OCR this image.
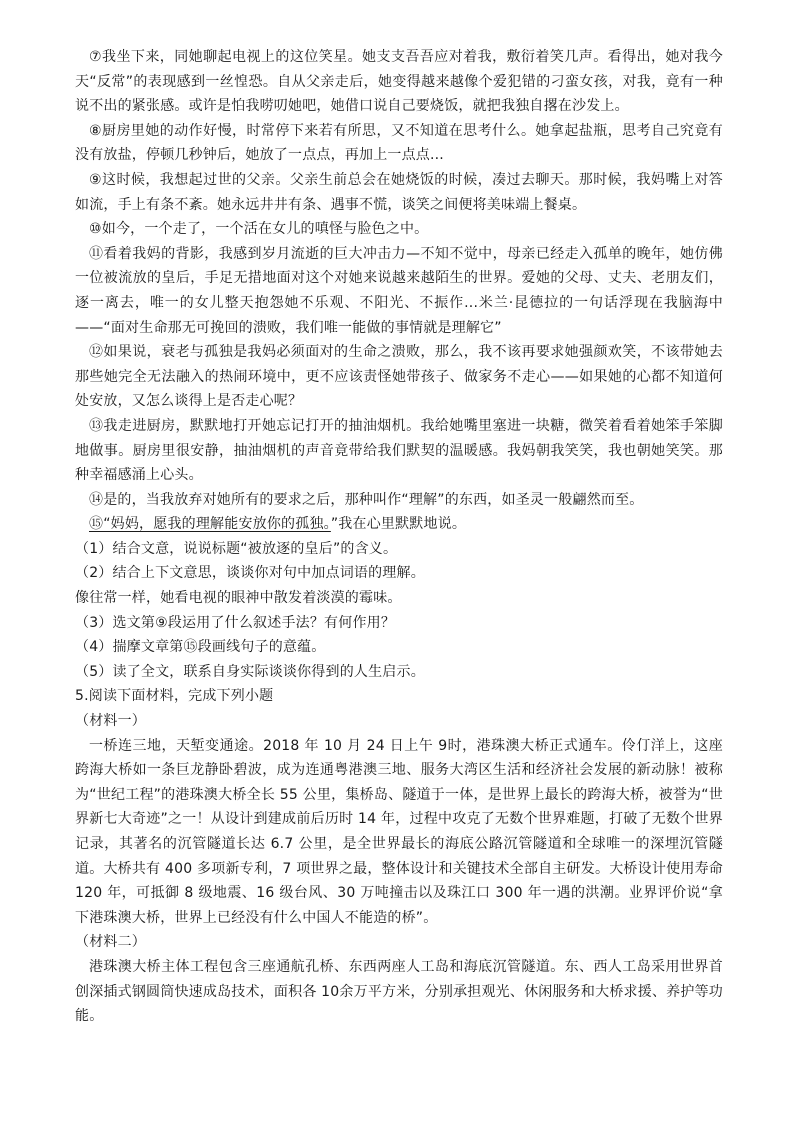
⑦我坐下来，同她聊起电视上的这位笑星。她支支吾吾应对着我，敷衍着笑几声。看得出，她对我今天“反常”的表现感到一丝惶恐。自从父亲走后，她变得越来越像个爱犯错的刁蛮女孩，对我，竟有一种说不出的紧张感。或许是怕我唠叨她吧，她借口说自己要烧饭，就把我独自撂在沙发上。

⑧厨房里她的动作好慢，时常停下来若有所思，又不知道在思考什么。她拿起盐瓶，思考自己究竟有没有放盐，停顿几秒钟后，她放了一点点，再加上一点点...

⑨这时候，我想起过世的父亲。父亲生前总会在她烧饭的时候，凑过去聊天。那时候，我妈嘴上对答如流，手上有条不紊。她永远井井有条、遇事不慌，谈笑之间便将美味端上餐桌。

⑩如今，一个走了，一个活在女儿的嗔怪与脸色之中。

⑪看着我妈的背影，我感到岁月流逝的巨大冲击力—不知不觉中，母亲已经走入孤单的晚年，她仿佛一位被流放的皇后，手足无措地面对这个对她来说越来越陌生的世界。爱她的父母、丈夫、老朋友们，逐一离去，唯一的女儿整天抱怨她不乐观、不阳光、不振作...米兰·昆德拉的一句话浮现在我脑海中——“面对生命那无可挽回的溃败，我们唯一能做的事情就是理解它”

⑫如果说，衰老与孤独是我妈必须面对的生命之溃败，那么，我不该再要求她强颜欢笑，不该带她去那些她完全无法融入的热闹环境中，更不应该责怪她带孩子、做家务不走心——如果她的心都不知道何处安放，又怎么谈得上是否走心呢？

⑬我走进厨房，默默地打开她忘记打开的抽油烟机。我给她嘴里塞进一块糖，微笑着看着她笨手笨脚地做事。厨房里很安静，抽油烟机的声音竟带给我们默契的温暖感。我妈朝我笑笑，我也朝她笑笑。那种幸福感涌上心头。

⑭是的，当我放弃对她所有的要求之后，那种叫作“理解”的东西，如圣灵一般翩然而至。

⑮“妈妈，愿我的理解能安放你的孤独。”我在心里默默地说。

（1）结合文意，说说标题“被放逐的皇后”的含义。

（2）结合上下文意思，谈谈你对句中加点词语的理解。

像往常一样，她看电视的眼神中散发着淡漠的霉味。

（3）选文第⑨段运用了什么叙述手法？有何作用？

（4）揣摩文章第⑮段画线句子的意蕴。

（5）读了全文，联系自身实际谈谈你得到的人生启示。

5.阅读下面材料，完成下列小题

（材料一）

一桥连三地，天堑变通途。2018 年 10 月 24 日上午 9时，港珠澳大桥正式通车。伶仃洋上，这座跨海大桥如一条巨龙静卧碧波，成为连通粤港澳三地、服务大湾区生活和经济社会发展的新动脉！被称为“世纪工程”的港珠澳大桥全长 55 公里，集桥岛、隧道于一体，是世界上最长的跨海大桥，被誉为“世界新七大奇迹”之一！从设计到建成前后历时 14 年，过程中攻克了无数个世界难题，打破了无数个世界记录，其著名的沉管隧道长达 6.7 公里，是全世界最长的海底公路沉管隧道和全球唯一的深埋沉管隧道。大桥共有 400 多项新专利，7 项世界之最，整体设计和关键技术全部自主研发。大桥设计使用寿命 120 年，可抵御 8 级地震、16 级台风、30 万吨撞击以及珠江口 300 年一遇的洪潮。业界评价说“拿下港珠澳大桥，世界上已经没有什么中国人不能造的桥”。

（材料二）

港珠澳大桥主体工程包含三座通航孔桥、东西两座人工岛和海底沉管隧道。东、西人工岛采用世界首创深插式钢圆筒快速成岛技术，面积各 10余万平方米，分别承担观光、休闲服务和大桥求援、养护等功能。
